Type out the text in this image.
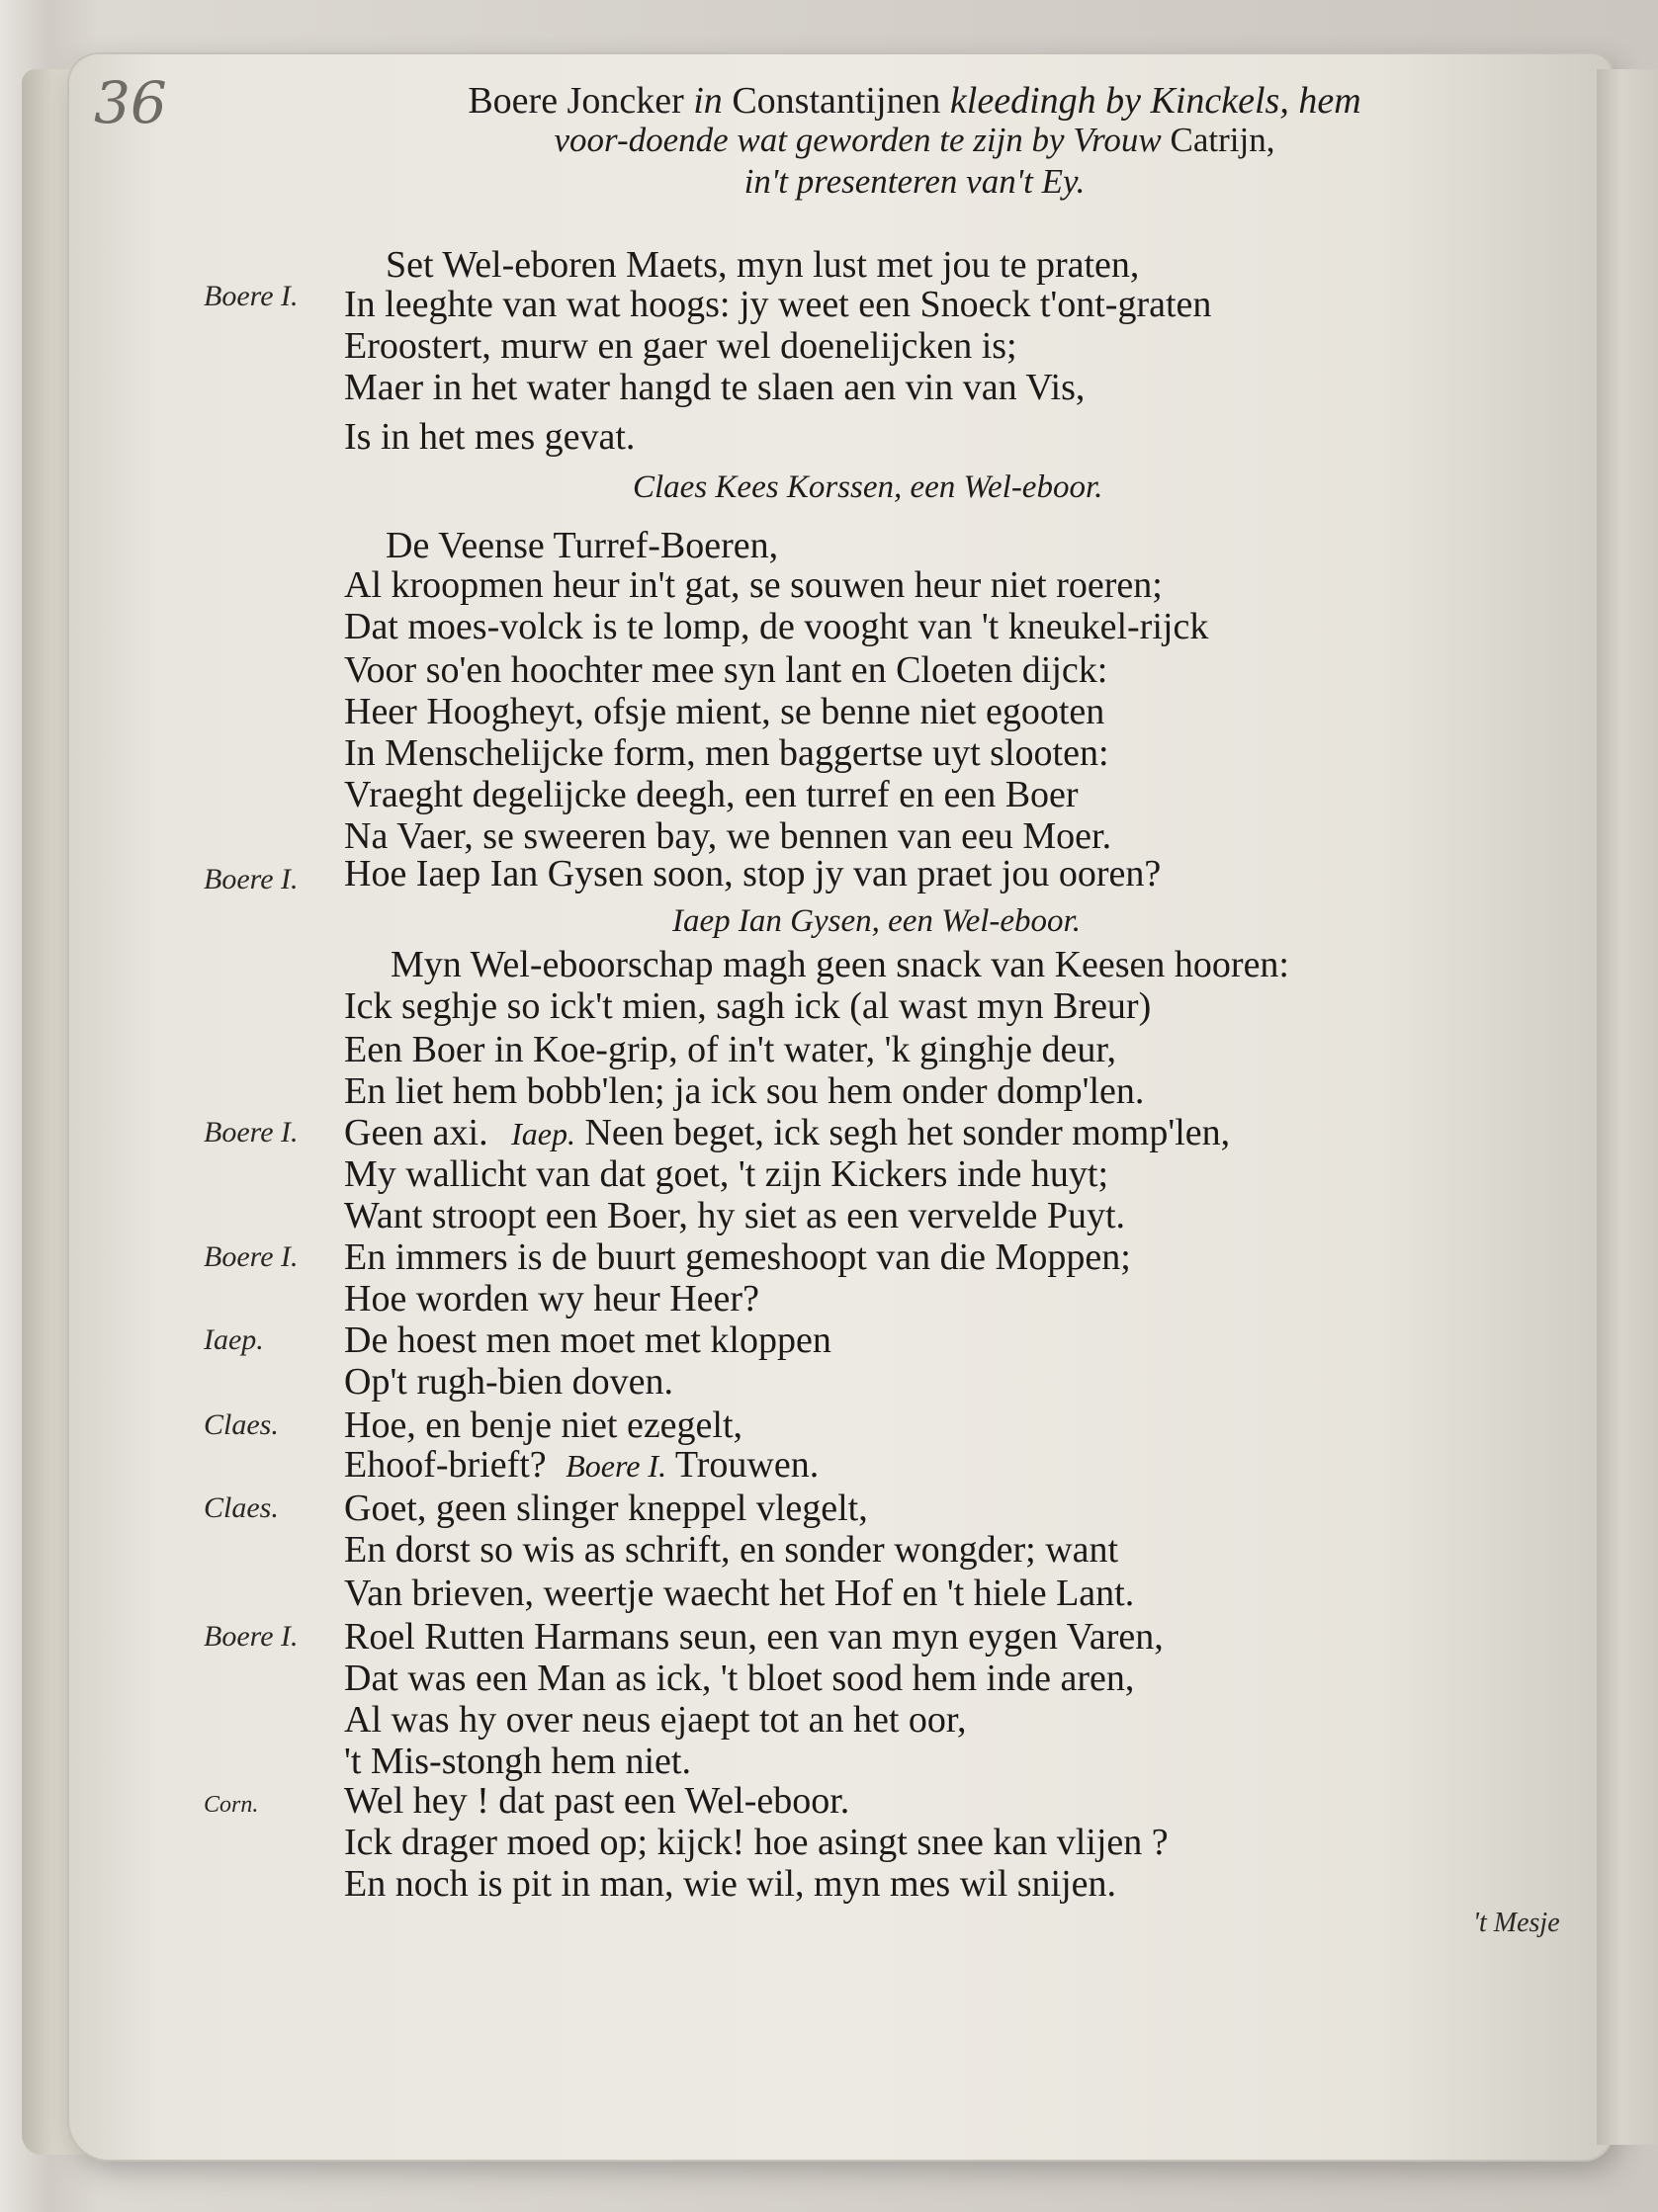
36	Boere Joncker in Constantijnen kleedingh by Kinckels, hem
voor-doende wat geworden te zijn by Vrouw Catrijn,
in't presenteren van't Ey.
Boere I.
Set Wel-eboren Maets, myn lust met jou te praten,
In leeghte van wat hoogs: jy weet een Snoeck t'ont-graten
Eroostert, murw en gaer wel doenelijcken is;
Maer in het water hangd te slaen aen vin van Vis,
Is in het mes gevat.
Claes Kees Korssen, een Wel-eboor.
De Veense Turref-Boeren,
Al kroopmen heur in't gat, se souwen heur niet roeren;
Dat moes-volck is te lomp, de vooght van 't kneukel-rijck
Voor so'en hoochter mee syn lant en Cloeten dijck:
Heer Hoogheyt, ofsje mient, se benne niet egooten
In Menschelijcke form, men baggertse uyt slooten:
Vraeght degelijcke deegh, een turref en een Boer
Na Vaer, se sweeren bay, we bennen van eeu Moer.
Boere I. Hoe Iaep Ian Gysen soon, stop jy van praet jou ooren?
Iaep Ian Gysen, een Wel-eboor.
Myn Wel-eboorschap magh geen snack van Keesen hooren:
Ick seghje so ick't mien, sagh ick (al wast myn Breur)
Een Boer in Koe-grip, of in't water, 'k ginghje deur,
En liet hem bobb'len; ja ick sou hem onder domp'len.
Boere I. Geen axi. Iaep. Neen beget, ick segh het sonder momp'len,
My wallicht van dat goet, 't zijn Kickers inde huyt;
Want stroopt een Boer, hy siet as een vervelde Puyt.
Boere I. En immers is de buurt gemeshoopt van die Moppen;
Hoe worden wy heur Heer?
Iaep. De hoest men moet met kloppen
Op't rugh-bien doven.
Claes. Hoe, en benje niet ezegelt,
Ehoof-brieft? Boere I. Trouwen.
Claes. Goet, geen slinger kneppel vlegelt,
En dorst so wis as schrift, en sonder wongder; want
Van brieven, weertje waecht het Hof en 't hiele Lant.
Boere I. Roel Rutten Harmans seun, een van myn eygen Varen,
Dat was een Man as ick, 't bloet sood hem inde aren,
Al was hy over neus ejaept tot an het oor,
't Mis-stongh hem niet.
Corn. Wel hey ! dat past een Wel-eboor.
Ick drager moed op; kijck! hoe asingt snee kan vlijen ?
En noch is pit in man, wie wil, myn mes wil snijen.
't Mesje
